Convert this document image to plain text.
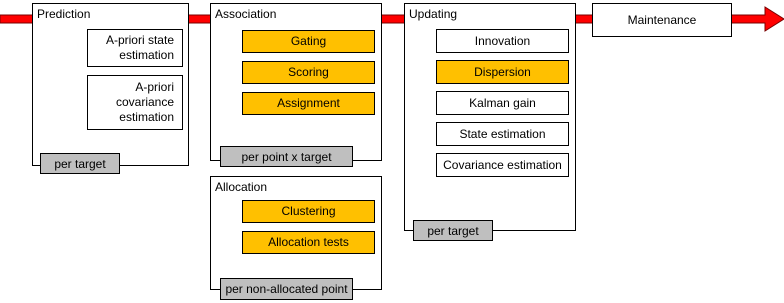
Prediction
A-priori state
estimation
A-priori
covariance
estimation
per target
Association
Gating
Scoring
Assignment
per point x target
Allocation
Clustering
Allocation tests
per non-allocated point
Updating
Innovation
Dispersion
Kalman gain
State estimation
Covariance estimation
per target
Maintenance
